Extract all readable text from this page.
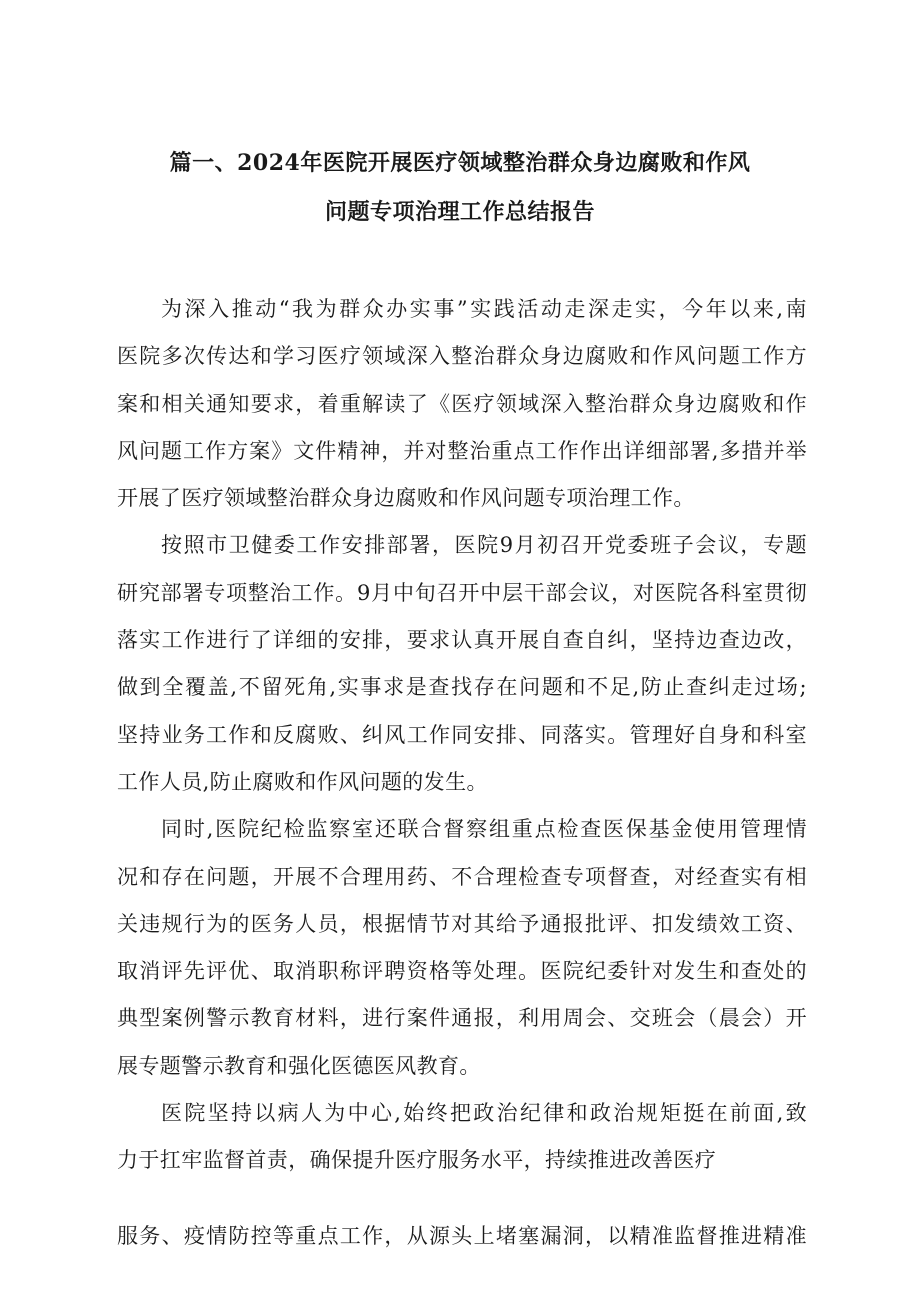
篇一、2024年医院开展医疗领域整治群众身边腐败和作风
问题专项治理工作总结报告
为深入推动“我为群众办实事”实践活动走深走实，今年以来,南
医院多次传达和学习医疗领域深入整治群众身边腐败和作风问题工作方
案和相关通知要求，着重解读了《医疗领域深入整治群众身边腐败和作
风问题工作方案》文件精神，并对整治重点工作作出详细部署,多措并举
开展了医疗领域整治群众身边腐败和作风问题专项治理工作。
按照市卫健委工作安排部署，医院9月初召开党委班子会议，专题
研究部署专项整治工作。9月中旬召开中层干部会议，对医院各科室贯彻
落实工作进行了详细的安排，要求认真开展自查自纠，坚持边查边改，
做到全覆盖,不留死角,实事求是查找存在问题和不足,防止查纠走过场;
坚持业务工作和反腐败、纠风工作同安排、同落实。管理好自身和科室
工作人员,防止腐败和作风问题的发生。
同时,医院纪检监察室还联合督察组重点检查医保基金使用管理情
况和存在问题，开展不合理用药、不合理检查专项督查，对经查实有相
关违规行为的医务人员，根据情节对其给予通报批评、扣发绩效工资、
取消评先评优、取消职称评聘资格等处理。医院纪委针对发生和查处的
典型案例警示教育材料，进行案件通报，利用周会、交班会（晨会）开
展专题警示教育和强化医德医风教育。
医院坚持以病人为中心,始终把政治纪律和政治规矩挺在前面,致
力于扛牢监督首责，确保提升医疗服务水平，持续推进改善医疗
服务、疫情防控等重点工作，从源头上堵塞漏洞，以精准监督推进精准
